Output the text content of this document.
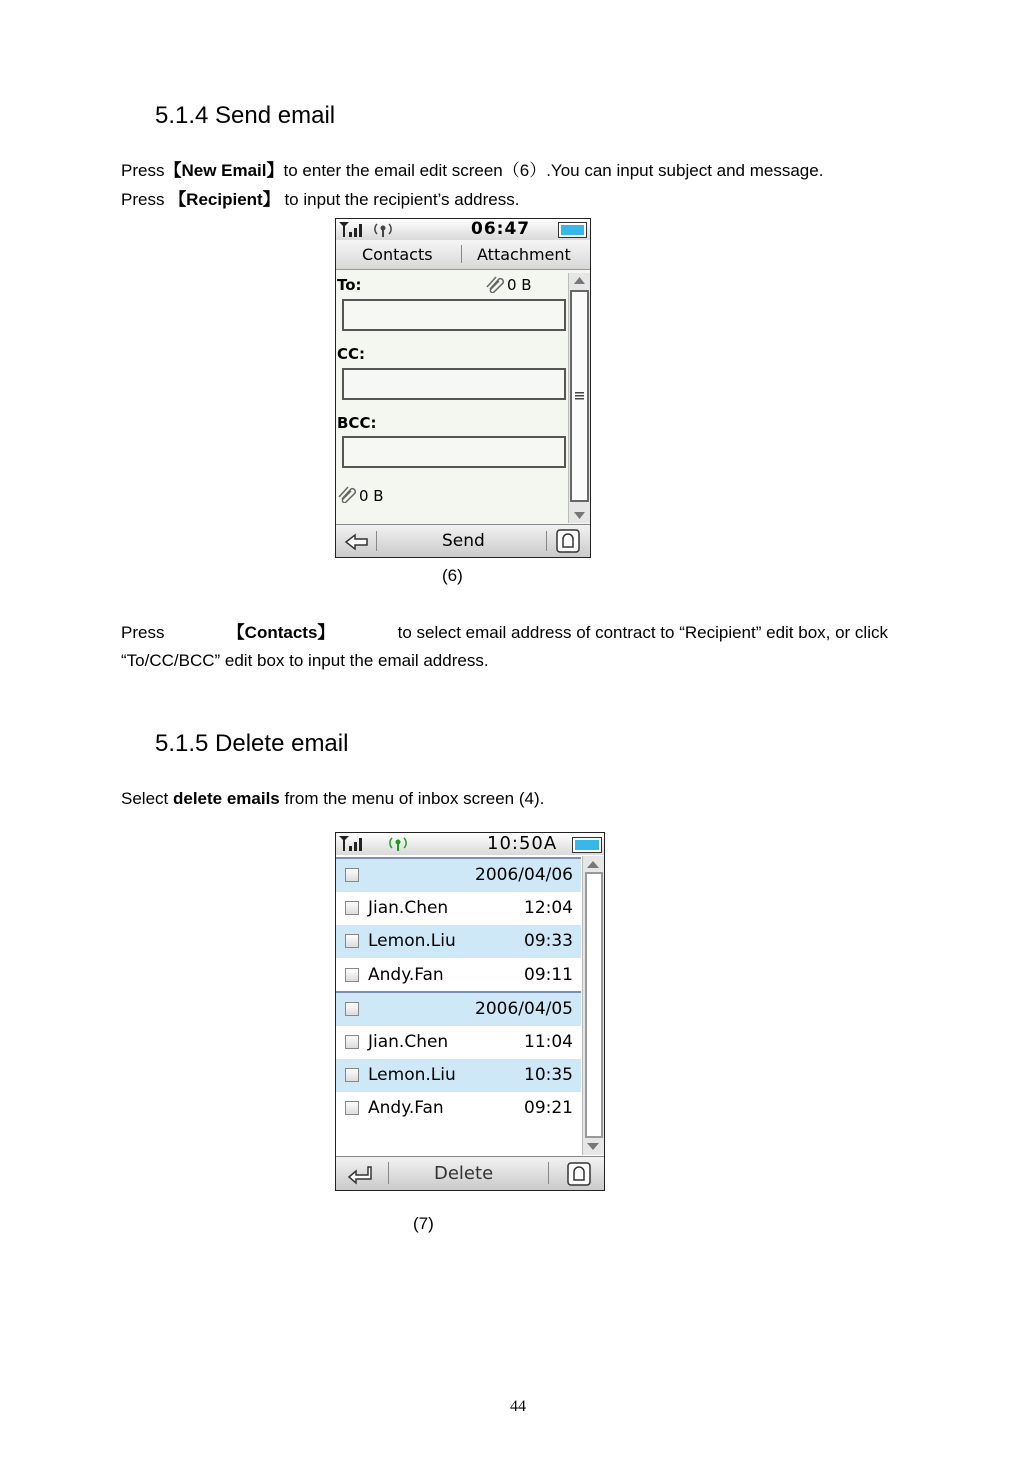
5.1.4 Send email
Press【New Email】to enter the email edit screen（6）.You can input subject and message.
Press 【Recipient】 to input the recipient’s address.
06:47
Contacts	Attachment
To:	0 B
CC:
BCC:
0 B
Send
(6)
Press	【Contacts】	to select email address of contract to “Recipient” edit box, or click
“To/CC/BCC” edit box to input the email address.
5.1.5 Delete email
Select delete emails from the menu of inbox screen (4).
10:50A
2006/04/06
Jian.Chen	12:04
Lemon.Liu	09:33
Andy.Fan	09:11
2006/04/05
Jian.Chen	11:04
Lemon.Liu	10:35
Andy.Fan	09:21
Delete
(7)
44
